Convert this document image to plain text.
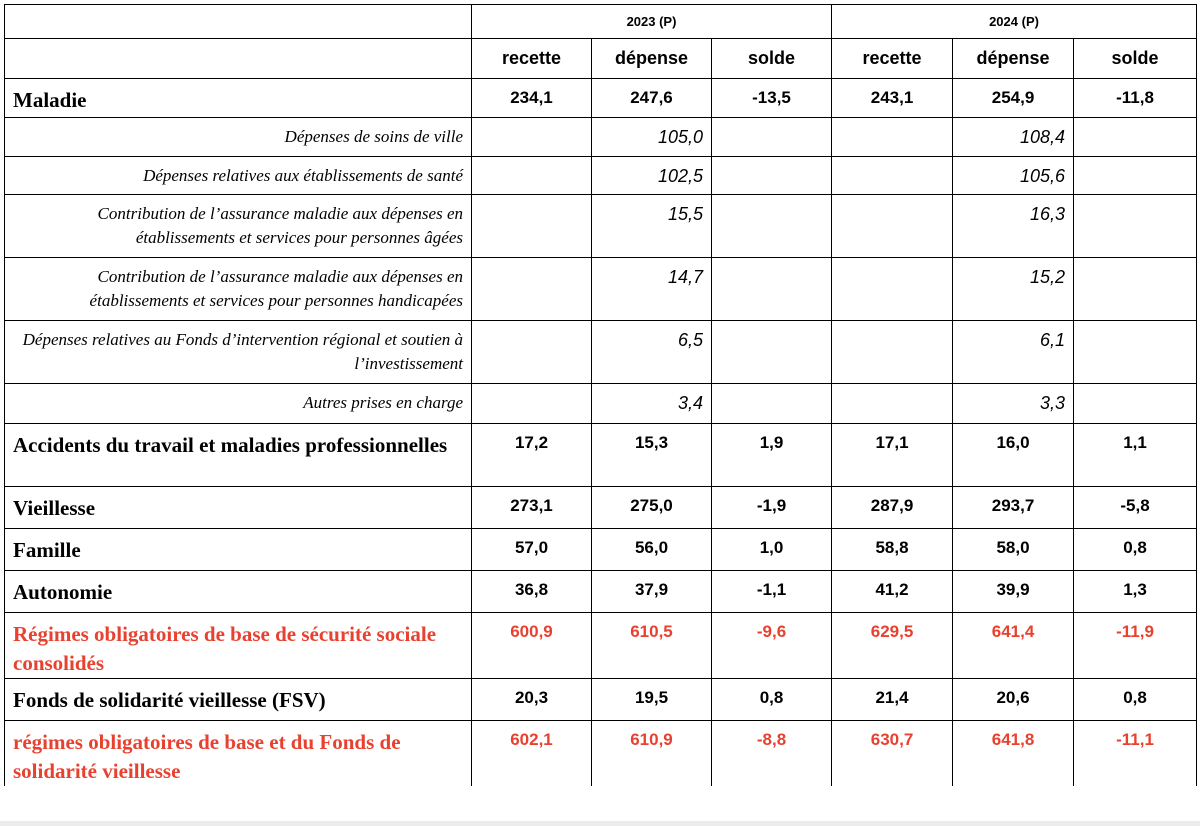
	2023 (P)			2024 (P)		
	recette	dépense	solde	recette	dépense	solde
Maladie	234,1	247,6	-13,5	243,1	254,9	-11,8
Dépenses de soins de ville		105,0			108,4	
Dépenses relatives aux établissements de santé		102,5			105,6	
Contribution de l’assurance maladie aux dépenses en établissements et services pour personnes âgées		15,5			16,3	
Contribution de l’assurance maladie aux dépenses en établissements et services pour personnes handicapées		14,7			15,2	
Dépenses relatives au Fonds d’intervention régional et soutien à l’investissement		6,5			6,1	
Autres prises en charge		3,4			3,3	
Accidents du travail et maladies professionnelles	17,2	15,3	1,9	17,1	16,0	1,1
Vieillesse	273,1	275,0	-1,9	287,9	293,7	-5,8
Famille	57,0	56,0	1,0	58,8	58,0	0,8
Autonomie	36,8	37,9	-1,1	41,2	39,9	1,3
Régimes obligatoires de base de sécurité sociale consolidés	600,9	610,5	-9,6	629,5	641,4	-11,9
Fonds de solidarité vieillesse (FSV)	20,3	19,5	0,8	21,4	20,6	0,8
régimes obligatoires de base et du Fonds de solidarité vieillesse	602,1	610,9	-8,8	630,7	641,8	-11,1
